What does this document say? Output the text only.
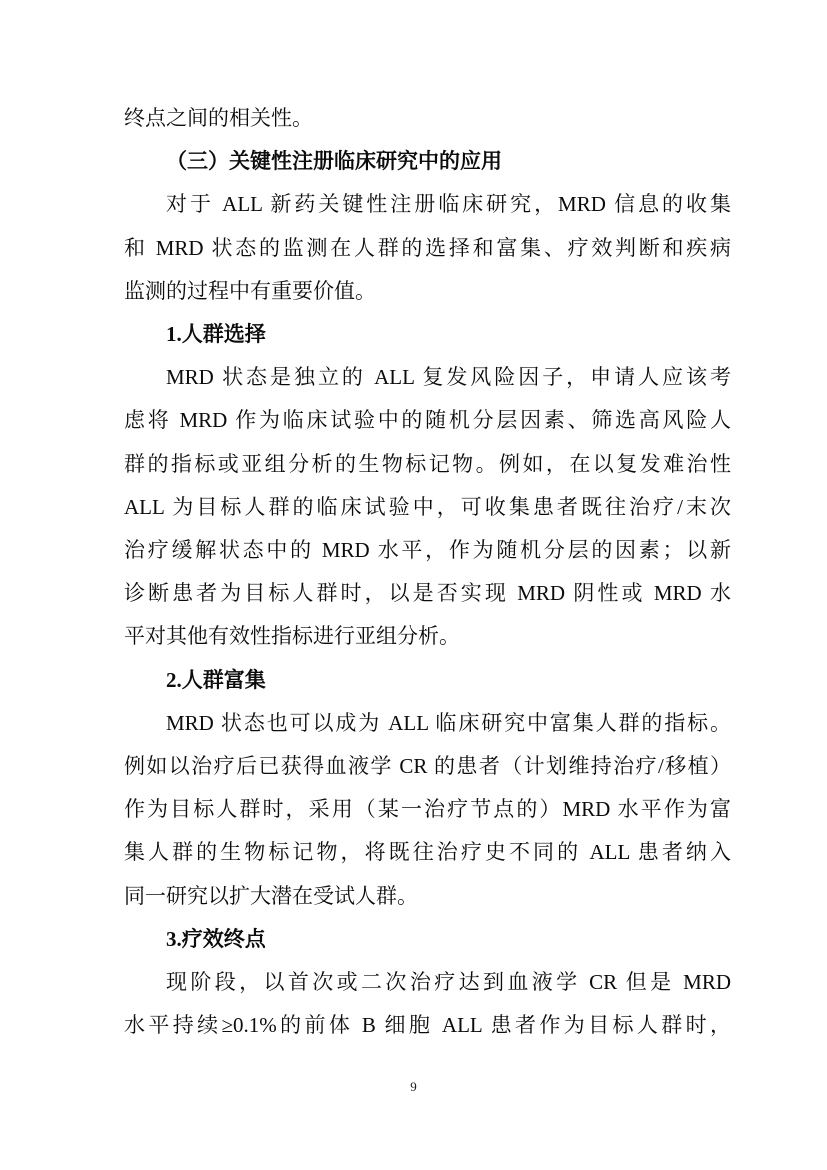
终点之间的相关性。
（三）关键性注册临床研究中的应用
对于 ALL 新药关键性注册临床研究，MRD 信息的收集
和 MRD 状态的监测在人群的选择和富集、疗效判断和疾病
监测的过程中有重要价值。
1.人群选择
MRD 状态是独立的 ALL 复发风险因子，申请人应该考
虑将 MRD 作为临床试验中的随机分层因素、筛选高风险人
群的指标或亚组分析的生物标记物。例如，在以复发难治性
ALL 为目标人群的临床试验中，可收集患者既往治疗/末次
治疗缓解状态中的 MRD 水平，作为随机分层的因素；以新
诊断患者为目标人群时，以是否实现 MRD 阴性或 MRD 水
平对其他有效性指标进行亚组分析。
2.人群富集
MRD 状态也可以成为 ALL 临床研究中富集人群的指标。
例如以治疗后已获得血液学 CR 的患者（计划维持治疗/移植）
作为目标人群时，采用（某一治疗节点的）MRD 水平作为富
集人群的生物标记物，将既往治疗史不同的 ALL 患者纳入
同一研究以扩大潜在受试人群。
3.疗效终点
现阶段，以首次或二次治疗达到血液学 CR 但是 MRD
水平持续≥0.1%的前体 B 细胞 ALL 患者作为目标人群时，
9
